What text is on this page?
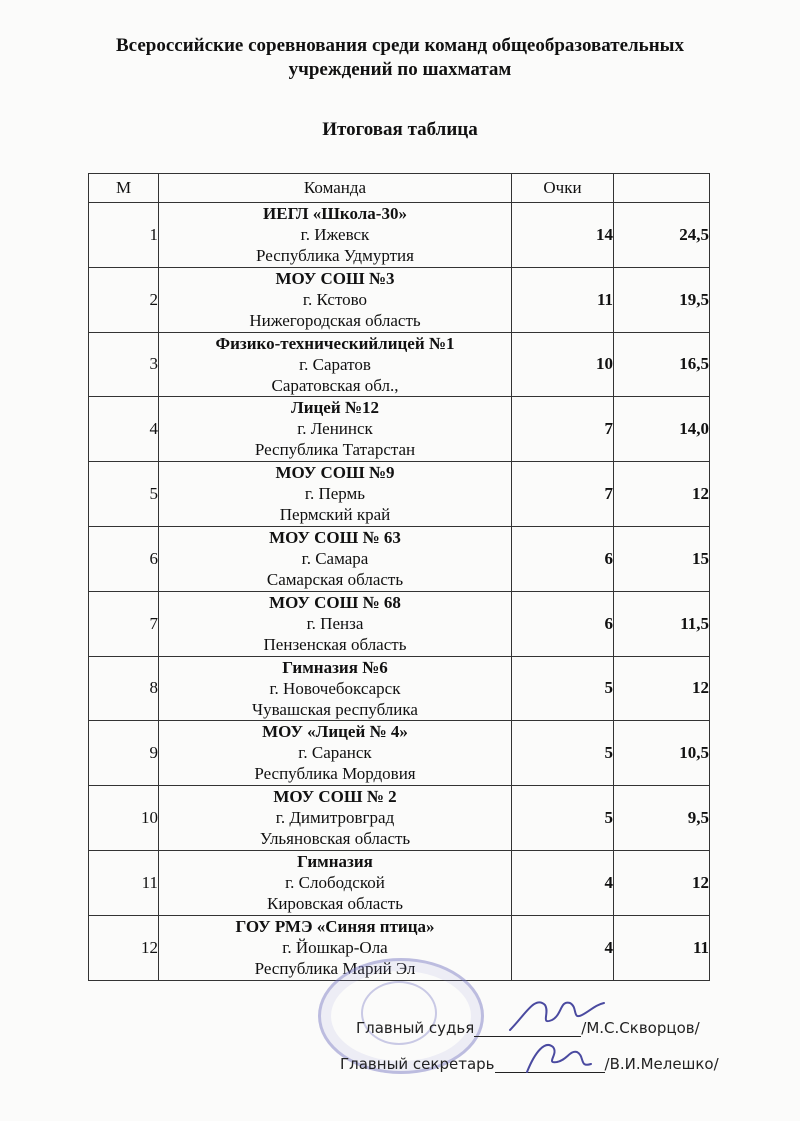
Всероссийские соревнования среди команд общеобразовательных
учреждений по шахматам
Итоговая таблица
М	Команда	Очки	
1	ИЕГЛ «Школа-30»
г. Ижевск
Республика Удмуртия	14	24,5
2	МОУ СОШ №3
г. Кстово
Нижегородская область	11	19,5
3	Физико-техническийлицей №1
г. Саратов
Саратовская обл.,	10	16,5
4	Лицей №12
г. Ленинск
Республика Татарстан	7	14,0
5	МОУ СОШ №9
г. Пермь
Пермский край	7	12
6	МОУ СОШ № 63
г. Самара
Самарская область	6	15
7	МОУ СОШ № 68
г. Пенза
Пензенская область	6	11,5
8	Гимназия №6
г. Новочебоксарск
Чувашская республика	5	12
9	МОУ «Лицей № 4»
г. Саранск
Республика Мордовия	5	10,5
10	МОУ СОШ № 2
г. Димитровград
Ульяновская область	5	9,5
11	Гимназия
г. Слободской
Кировская область	4	12
12	ГОУ РМЭ «Синяя птица»
г. Йошкар-Ола
Республика Марий Эл	4	11
Главный судья	/М.С.Скворцов/
Главный секретарь	/В.И.Мелешко/
